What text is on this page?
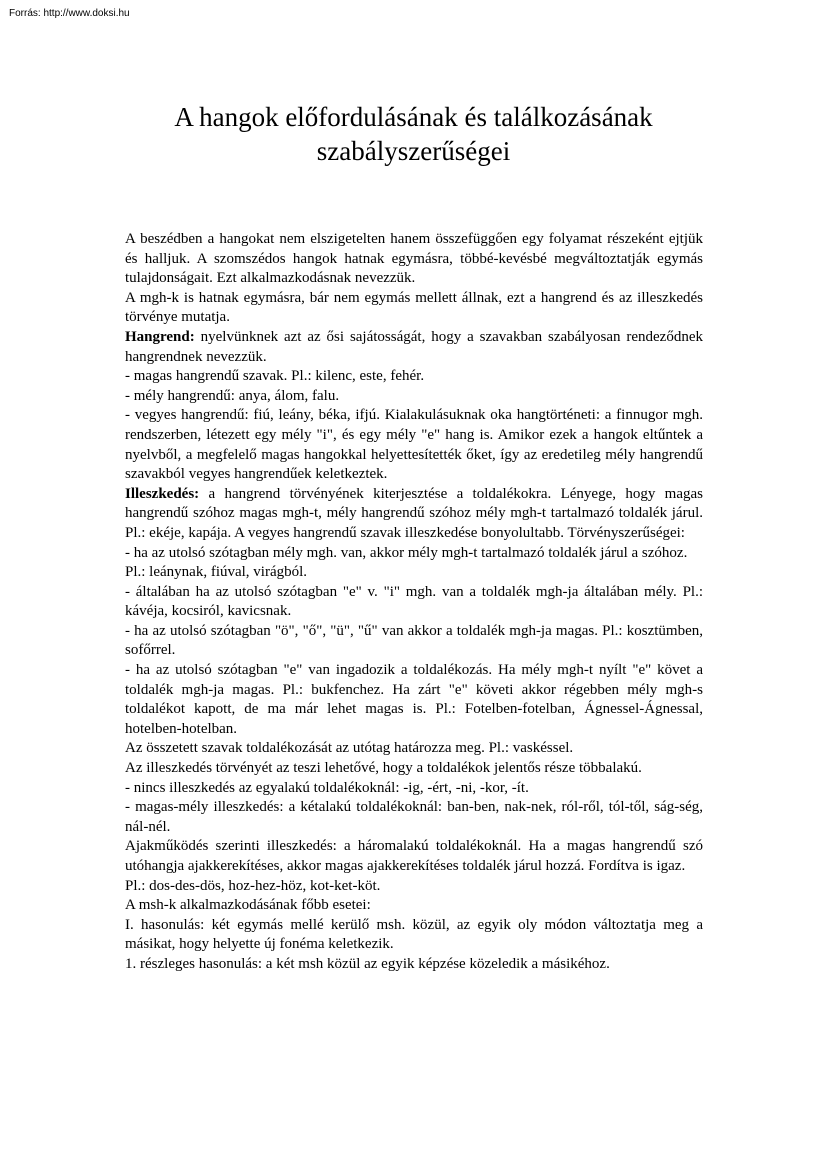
Forrás: http://www.doksi.hu
A hangok előfordulásának és találkozásának
szabályszerűségei

A beszédben a hangokat nem elszigetelten hanem összefüggően egy folyamat részeként ejtjük és halljuk. A szomszédos hangok hatnak egymásra, többé-kevésbé megváltoztatják egymás tulajdonságait. Ezt alkalmazkodásnak nevezzük.

A mgh-k is hatnak egymásra, bár nem egymás mellett állnak, ezt a hangrend és az illeszkedés törvénye mutatja.

Hangrend: nyelvünknek azt az ősi sajátosságát, hogy a szavakban szabályosan rendeződnek hangrendnek nevezzük.

- magas hangrendű szavak. Pl.: kilenc, este, fehér.

- mély hangrendű: anya, álom, falu.

- vegyes hangrendű: fiú, leány, béka, ifjú. Kialakulásuknak oka hangtörténeti: a finnugor mgh. rendszerben, létezett egy mély "i", és egy mély "e" hang is. Amikor ezek a hangok eltűntek a nyelvből, a megfelelő magas hangokkal helyettesítették őket, így az eredetileg mély hangrendű szavakból vegyes hangrendűek keletkeztek.

Illeszkedés: a hangrend törvényének kiterjesztése a toldalékokra. Lényege, hogy magas hangrendű szóhoz magas mgh-t, mély hangrendű szóhoz mély mgh-t tartalmazó toldalék járul. Pl.: ekéje, kapája. A vegyes hangrendű szavak illeszkedése bonyolultabb. Törvényszerűségei:

- ha az utolsó szótagban mély mgh. van, akkor mély mgh-t tartalmazó toldalék járul a szóhoz.

Pl.: leánynak, fiúval, virágból.

- általában ha az utolsó szótagban "e" v. "i" mgh. van a toldalék mgh-ja általában mély. Pl.: kávéja, kocsiról, kavicsnak.

- ha az utolsó szótagban "ö", "ő", "ü", "ű" van akkor a toldalék mgh-ja magas. Pl.: kosztümben, sofőrrel.

- ha az utolsó szótagban "e" van ingadozik a toldalékozás. Ha mély mgh-t nyílt "e" követ a toldalék mgh-ja magas. Pl.: bukfenchez. Ha zárt "e" követi akkor régebben mély mgh-s toldalékot kapott, de ma már lehet magas is. Pl.: Fotelben-fotelban, Ágnessel-Ágnessal, hotelben-hotelban.

Az összetett szavak toldalékozását az utótag határozza meg. Pl.: vaskéssel.

Az illeszkedés törvényét az teszi lehetővé, hogy a toldalékok jelentős része többalakú.

- nincs illeszkedés az egyalakú toldalékoknál: -ig, -ért, -ni, -kor, -ít.

- magas-mély illeszkedés: a kétalakú toldalékoknál: ban-ben, nak-nek, ról-ről, tól-től, ság-ség, nál-nél.

Ajakműködés szerinti illeszkedés: a háromalakú toldalékoknál. Ha a magas hangrendű szó utóhangja ajakkerekítéses, akkor magas ajakkerekítéses toldalék járul hozzá. Fordítva is igaz.

Pl.: dos-des-dös, hoz-hez-höz, kot-ket-köt.

A msh-k alkalmazkodásának főbb esetei:

I. hasonulás: két egymás mellé kerülő msh. közül, az egyik oly módon változtatja meg a másikat, hogy helyette új fonéma keletkezik.

1. részleges hasonulás: a két msh közül az egyik képzése közeledik a másikéhoz.
